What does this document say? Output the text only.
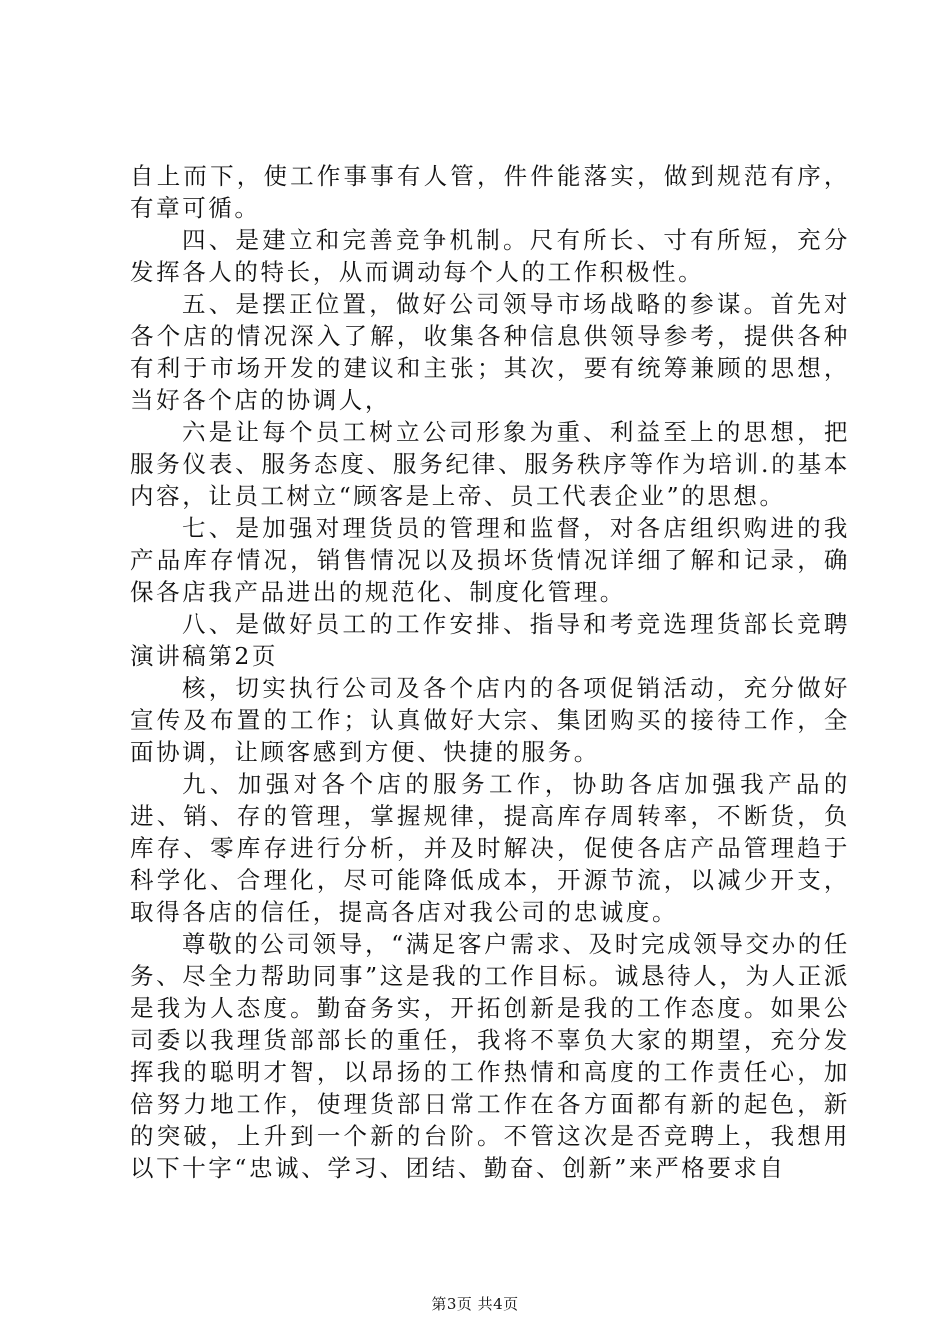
自上而下，使工作事事有人管，件件能落实，做到规范有序，有章可循。

四、是建立和完善竞争机制。尺有所长、寸有所短，充分发挥各人的特长，从而调动每个人的工作积极性。

五、是摆正位置，做好公司领导市场战略的参谋。首先对各个店的情况深入了解，收集各种信息供领导参考，提供各种有利于市场开发的建议和主张；其次，要有统筹兼顾的思想，当好各个店的协调人，

六是让每个员工树立公司形象为重、利益至上的思想，把服务仪表、服务态度、服务纪律、服务秩序等作为培训.的基本内容，让员工树立“顾客是上帝、员工代表企业”的思想。

七、是加强对理货员的管理和监督，对各店组织购进的我产品库存情况，销售情况以及损坏货情况详细了解和记录，确保各店我产品进出的规范化、制度化管理。

八、是做好员工的工作安排、指导和考竞选理货部长竞聘演讲稿第2页

核，切实执行公司及各个店内的各项促销活动，充分做好宣传及布置的工作；认真做好大宗、集团购买的接待工作，全面协调，让顾客感到方便、快捷的服务。

九、加强对各个店的服务工作，协助各店加强我产品的进、销、存的管理，掌握规律，提高库存周转率，不断货，负库存、零库存进行分析，并及时解决，促使各店产品管理趋于科学化、合理化，尽可能降低成本，开源节流，以减少开支，取得各店的信任，提高各店对我公司的忠诚度。

尊敬的公司领导，“满足客户需求、及时完成领导交办的任务、尽全力帮助同事”这是我的工作目标。诚恳待人，为人正派是我为人态度。勤奋务实，开拓创新是我的工作态度。如果公司委以我理货部部长的重任，我将不辜负大家的期望，充分发挥我的聪明才智，以昂扬的工作热情和高度的工作责任心，加倍努力地工作，使理货部日常工作在各方面都有新的起色，新的突破，上升到一个新的台阶。不管这次是否竞聘上，我想用以下十字“忠诚、学习、团结、勤奋、创新”来严格要求自

第3页 共4页
